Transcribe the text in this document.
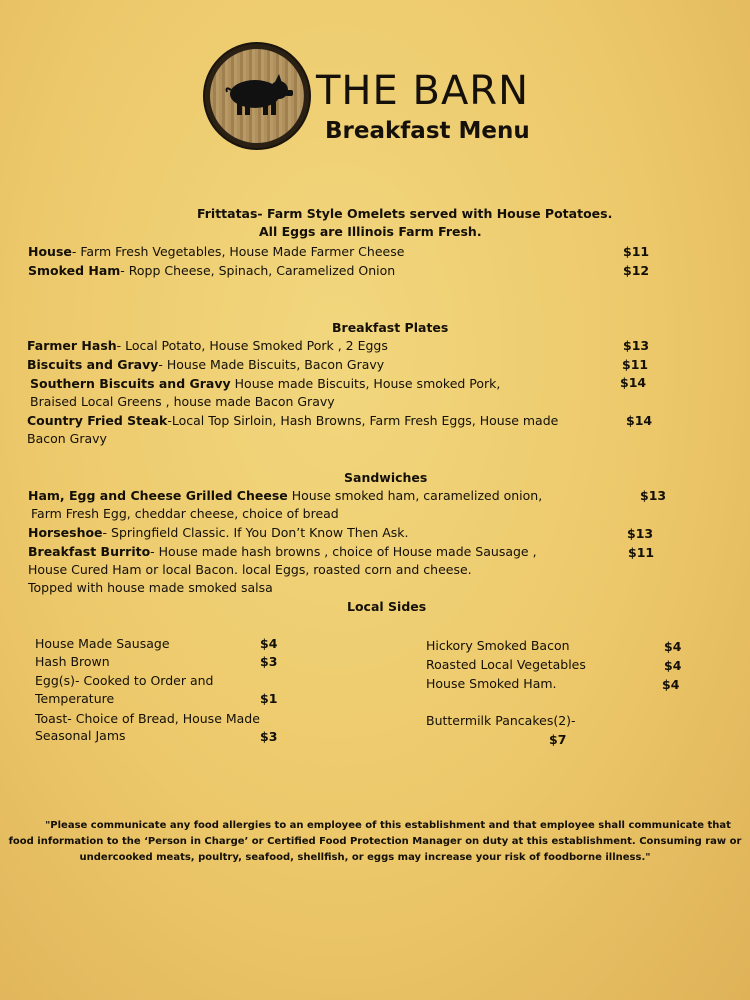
THE BARN
Breakfast Menu
Frittatas- Farm Style Omelets served with House Potatoes.
All Eggs are Illinois Farm Fresh.
House- Farm Fresh Vegetables, House Made Farmer Cheese	$11
Smoked Ham- Ropp Cheese, Spinach, Caramelized Onion	$12
Breakfast Plates
Farmer Hash- Local Potato, House Smoked Pork , 2 Eggs	$13
Biscuits and Gravy- House Made Biscuits, Bacon Gravy	$11
Southern Biscuits and Gravy House made Biscuits, House smoked Pork,	$14
Braised Local Greens , house made Bacon Gravy
Country Fried Steak-Local Top Sirloin, Hash Browns, Farm Fresh Eggs, House made	$14
Bacon Gravy
Sandwiches
Ham, Egg and Cheese Grilled Cheese House smoked ham, caramelized onion,	$13
Farm Fresh Egg, cheddar cheese, choice of bread
Horseshoe- Springfield Classic. If You Don’t Know Then Ask.	$13
Breakfast Burrito- House made hash browns , choice of House made Sausage ,	$11
House Cured Ham or local Bacon. local Eggs, roasted corn and cheese.
Topped with house made smoked salsa
Local Sides
House Made Sausage	$4
Hash Brown	$3
Egg(s)- Cooked to Order and
Temperature	$1
Toast- Choice of Bread, House Made
Seasonal Jams	$3
Hickory Smoked Bacon	$4
Roasted Local Vegetables	$4
House Smoked Ham.	$4
Buttermilk Pancakes(2)-
$7
"Please communicate any food allergies to an employee of this establishment and that employee shall communicate that
food information to the ‘Person in Charge’ or Certified Food Protection Manager on duty at this establishment. Consuming raw or
undercooked meats, poultry, seafood, shellfish, or eggs may increase your risk of foodborne illness."
